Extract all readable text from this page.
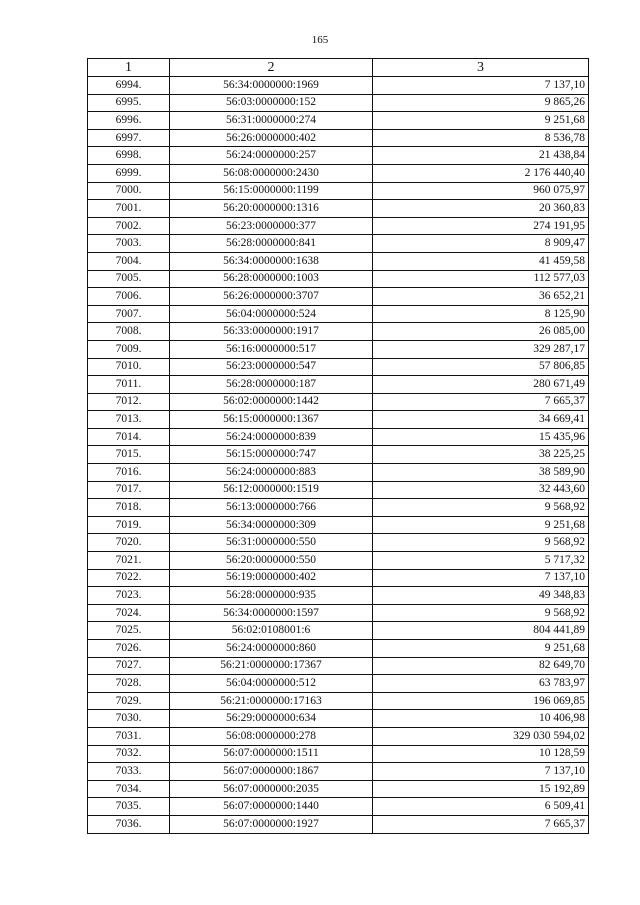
165
1	2	3
6994.	56:34:0000000:1969	7 137,10
6995.	56:03:0000000:152	9 865,26
6996.	56:31:0000000:274	9 251,68
6997.	56:26:0000000:402	8 536,78
6998.	56:24:0000000:257	21 438,84
6999.	56:08:0000000:2430	2 176 440,40
7000.	56:15:0000000:1199	960 075,97
7001.	56:20:0000000:1316	20 360,83
7002.	56:23:0000000:377	274 191,95
7003.	56:28:0000000:841	8 909,47
7004.	56:34:0000000:1638	41 459,58
7005.	56:28:0000000:1003	112 577,03
7006.	56:26:0000000:3707	36 652,21
7007.	56:04:0000000:524	8 125,90
7008.	56:33:0000000:1917	26 085,00
7009.	56:16:0000000:517	329 287,17
7010.	56:23:0000000:547	57 806,85
7011.	56:28:0000000:187	280 671,49
7012.	56:02:0000000:1442	7 665,37
7013.	56:15:0000000:1367	34 669,41
7014.	56:24:0000000:839	15 435,96
7015.	56:15:0000000:747	38 225,25
7016.	56:24:0000000:883	38 589,90
7017.	56:12:0000000:1519	32 443,60
7018.	56:13:0000000:766	9 568,92
7019.	56:34:0000000:309	9 251,68
7020.	56:31:0000000:550	9 568,92
7021.	56:20:0000000:550	5 717,32
7022.	56:19:0000000:402	7 137,10
7023.	56:28:0000000:935	49 348,83
7024.	56:34:0000000:1597	9 568,92
7025.	56:02:0108001:6	804 441,89
7026.	56:24:0000000:860	9 251,68
7027.	56:21:0000000:17367	82 649,70
7028.	56:04:0000000:512	63 783,97
7029.	56:21:0000000:17163	196 069,85
7030.	56:29:0000000:634	10 406,98
7031.	56:08:0000000:278	329 030 594,02
7032.	56:07:0000000:1511	10 128,59
7033.	56:07:0000000:1867	7 137,10
7034.	56:07:0000000:2035	15 192,89
7035.	56:07:0000000:1440	6 509,41
7036.	56:07:0000000:1927	7 665,37
